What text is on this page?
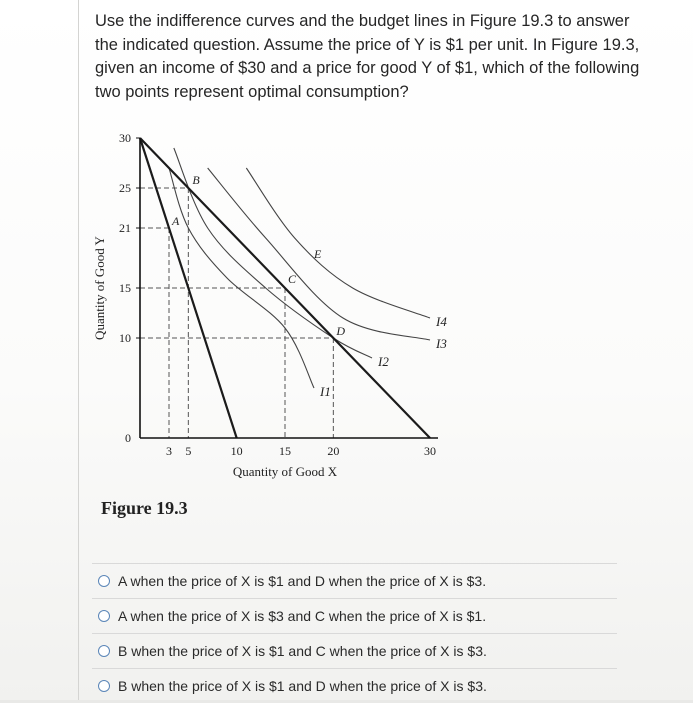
Use the indifference curves and the budget lines in Figure 19.3 to answer the indicated question. Assume the price of Y is $1 per unit. In Figure 19.3, given an income of $30 and a price for good Y of $1, which of the following two points represent optimal consumption?

I1
I2
I3
I4
0
10
15
21
25
30
3 5	10	15	20	30
A
B
C
D
E
Quantity of Good X
Quantity of Good Y
Figure 19.3
A when the price of X is $1 and D when the price of X is $3.
A when the price of X is $3 and C when the price of X is $1.
B when the price of X is $1 and C when the price of X is $3.
B when the price of X is $1 and D when the price of X is $3.
